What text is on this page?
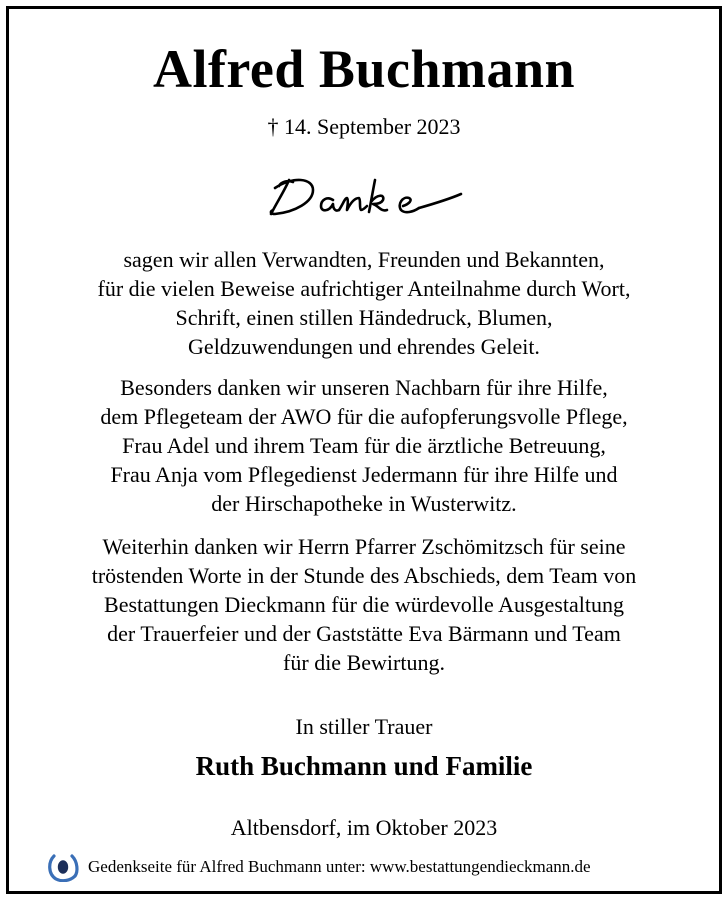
Alfred Buchmann
† 14. September 2023
sagen wir allen Verwandten, Freunden und Bekannten,
für die vielen Beweise aufrichtiger Anteilnahme durch Wort,
Schrift, einen stillen Händedruck, Blumen,
Geldzuwendungen und ehrendes Geleit.
Besonders danken wir unseren Nachbarn für ihre Hilfe,
dem Pflegeteam der AWO für die aufopferungsvolle Pflege,
Frau Adel und ihrem Team für die ärztliche Betreuung,
Frau Anja vom Pflegedienst Jedermann für ihre Hilfe und
der Hirschapotheke in Wusterwitz.
Weiterhin danken wir Herrn Pfarrer Zschömitzsch für seine
tröstenden Worte in der Stunde des Abschieds, dem Team von
Bestattungen Dieckmann für die würdevolle Ausgestaltung
der Trauerfeier und der Gaststätte Eva Bärmann und Team
für die Bewirtung.
In stiller Trauer
Ruth Buchmann und Familie
Altbensdorf, im Oktober 2023
Gedenkseite für Alfred Buchmann unter: www.bestattungendieckmann.de
